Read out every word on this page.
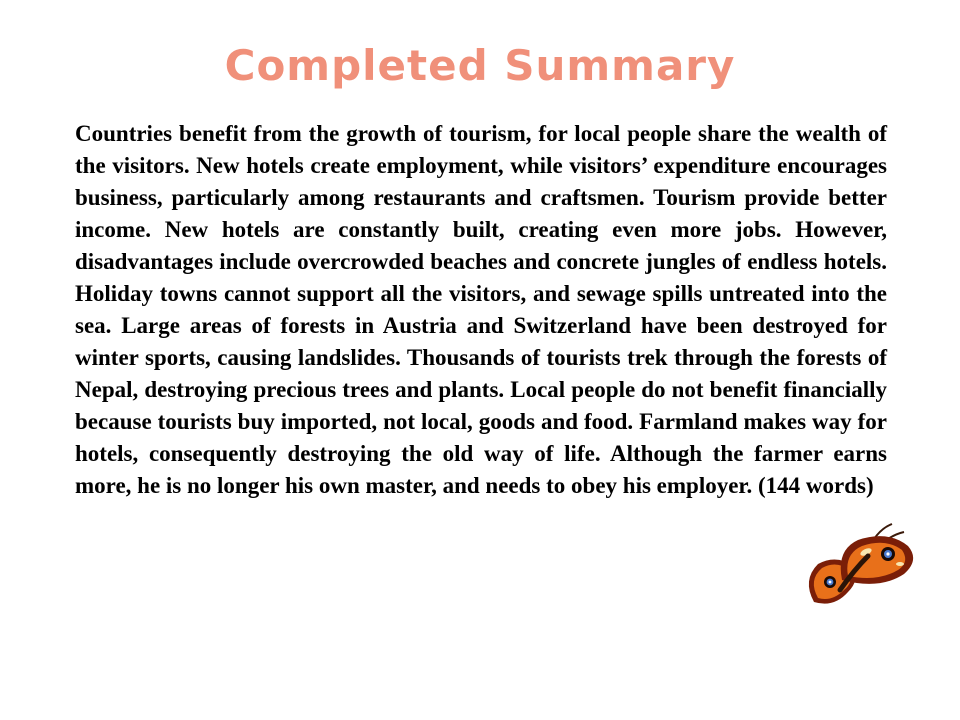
Completed Summary

Countries benefit from the growth of tourism, for local people share the wealth of the visitors. New hotels create employment, while visitors’ expenditure encourages business, particularly among restaurants and craftsmen. Tourism provide better income. New hotels are constantly built, creating even more jobs. However, disadvantages include overcrowded beaches and concrete jungles of endless hotels. Holiday towns cannot support all the visitors, and sewage spills untreated into the sea. Large areas of forests in Austria and Switzerland have been destroyed for winter sports, causing landslides. Thousands of tourists trek through the forests of Nepal, destroying precious trees and plants. Local people do not benefit financially because tourists buy imported, not local, goods and food. Farmland makes way for hotels, consequently destroying the old way of life. Although the farmer earns more, he is no longer his own master, and needs to obey his employer. (144 words)
